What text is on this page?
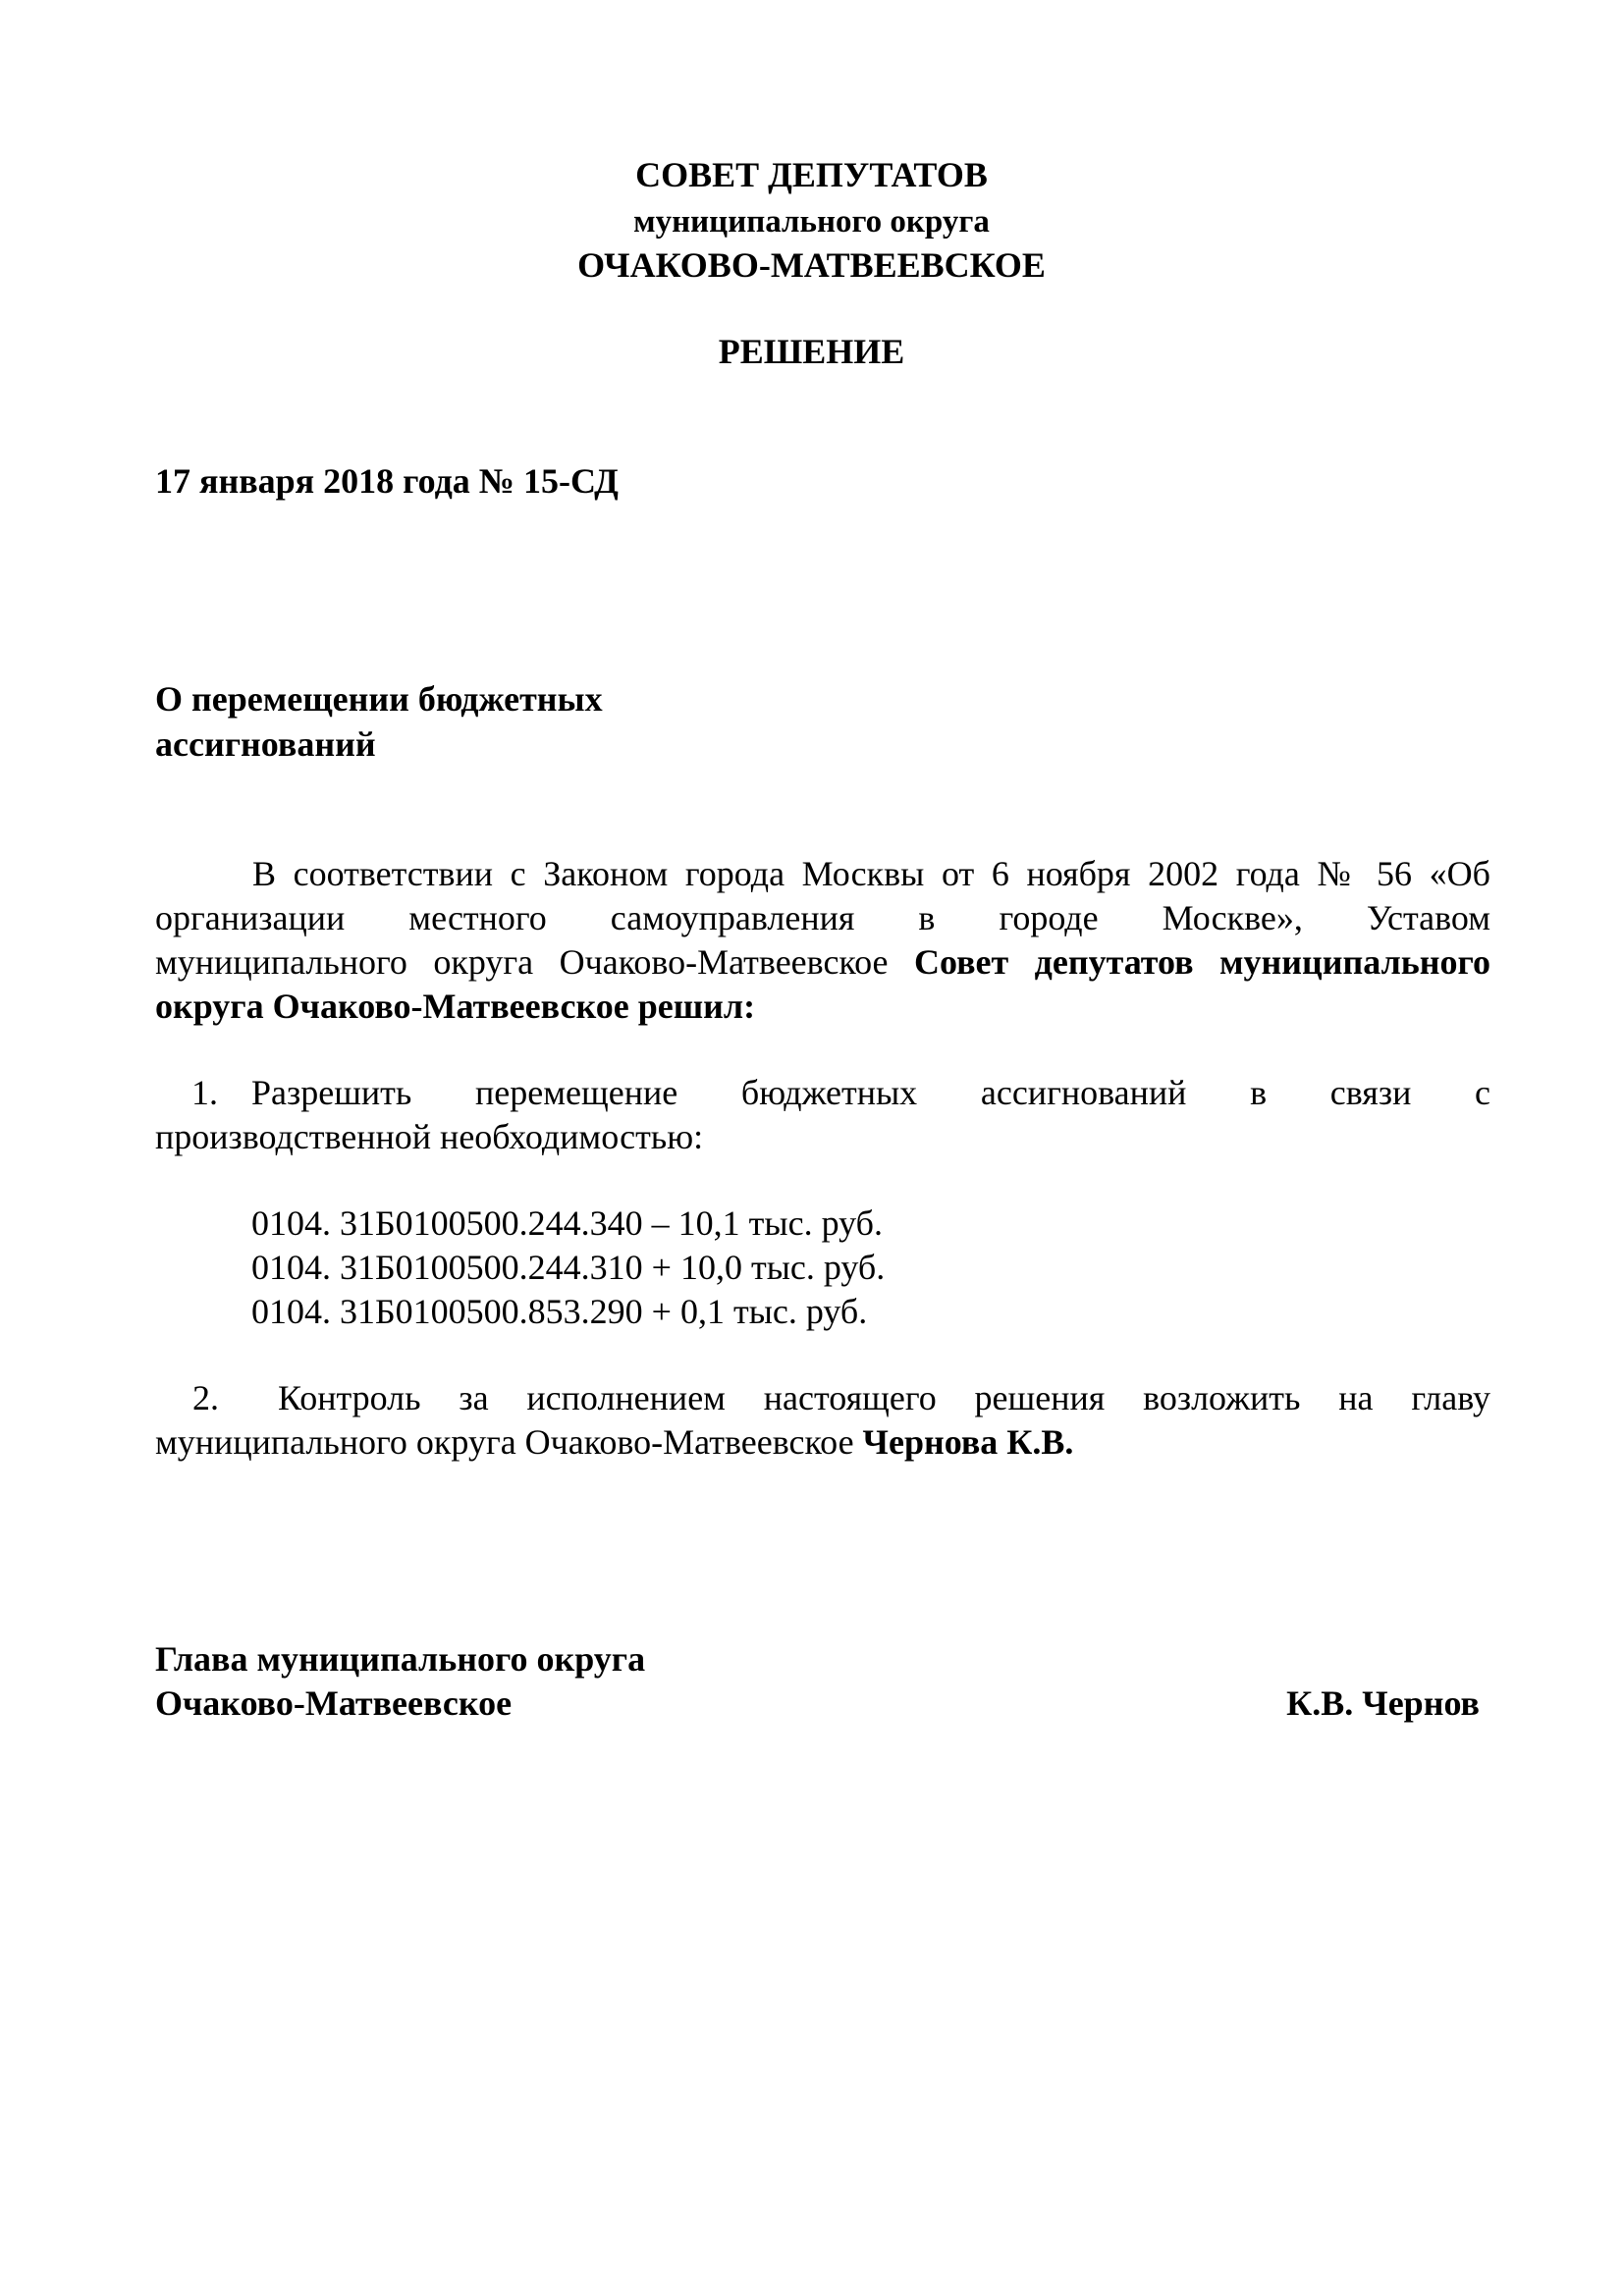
СОВЕТ ДЕПУТАТОВ
муниципального округа
ОЧАКОВО-МАТВЕЕВСКОЕ
РЕШЕНИЕ
17 января 2018 года № 15-СД
О перемещении бюджетных
ассигнований
В соответствии с Законом города Москвы от 6 ноября 2002 года № 56 «Об
организации местного самоуправления в городе Москве», Уставом
муниципального округа Очаково-Матвеевское Совет депутатов муниципального
округа Очаково-Матвеевское решил:
1. Разрешить перемещение бюджетных ассигнований в связи с
производственной необходимостью:
0104. 31Б0100500.244.340 – 10,1 тыс. руб.
0104. 31Б0100500.244.310 + 10,0 тыс. руб.
0104. 31Б0100500.853.290 + 0,1 тыс. руб.
2. Контроль за исполнением настоящего решения возложить на главу
муниципального округа Очаково-Матвеевское Чернова К.В.
Глава муниципального округа
Очаково-Матвеевское	К.В. Чернов
